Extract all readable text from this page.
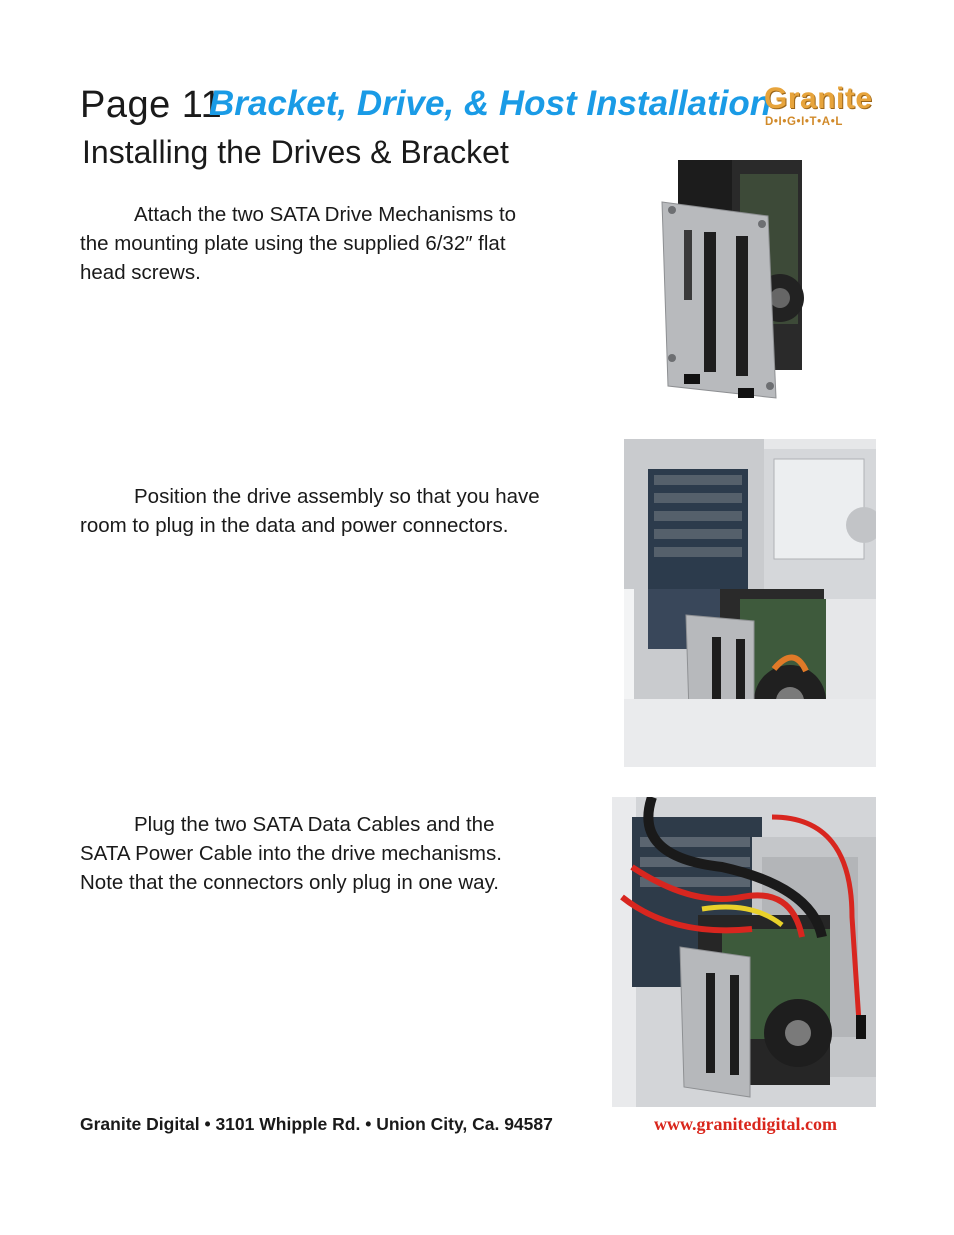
Page 11
Bracket, Drive, & Host Installation
Granite
D•I•G•I•T•A•L
Installing the Drives & Bracket
Attach the two SATA Drive Mechanisms to
the mounting plate using the supplied 6/32″ flat
head screws.
Position the drive assembly so that you have
room to plug in the data and power connectors.
Plug the two SATA Data Cables and the
SATA Power Cable into the drive mechanisms.
Note that the connectors only plug in one way.
Granite Digital • 3101 Whipple Rd. • Union City, Ca. 94587	www.granitedigital.com
